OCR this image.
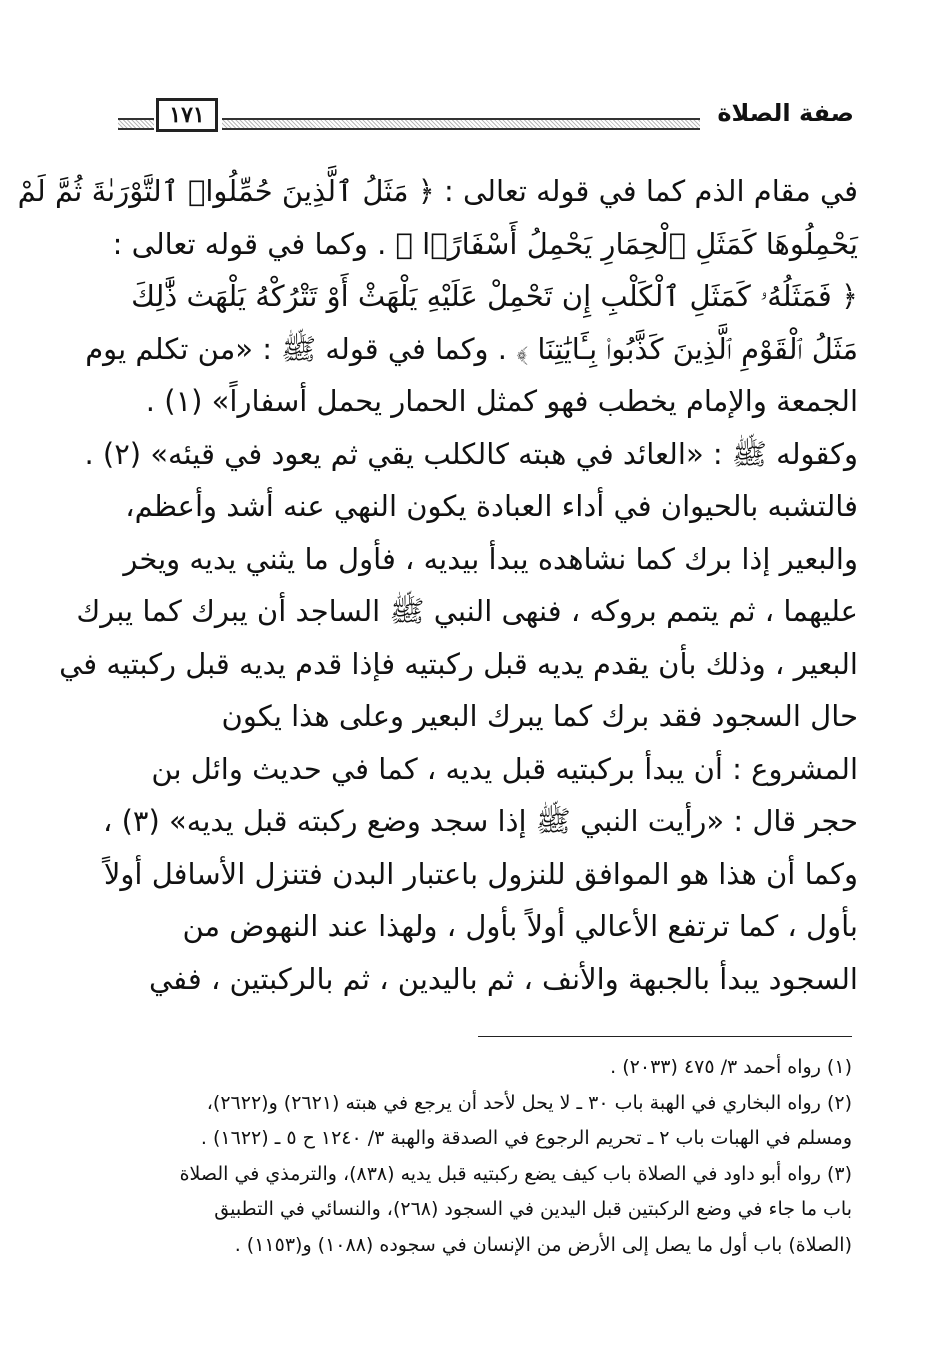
١٧١	صفة الصلاة
في مقام الذم كما في قوله تعالى : ﴿ مَثَلُ ٱلَّذِينَ حُمِّلُوا۟ ٱلتَّوْرَىٰةَ ثُمَّ لَمْ
يَحْمِلُوهَا كَمَثَلِ ٱلْحِمَارِ يَحْمِلُ أَسْفَارًۢا ﴾ . وكما في قوله تعالى :
﴿ فَمَثَلُهُۥ كَمَثَلِ ٱلْكَلْبِ إِن تَحْمِلْ عَلَيْهِ يَلْهَثْ أَوْ تَتْرُكْهُ يَلْهَث ذَّٰلِكَ
مَثَلُ ٱلْقَوْمِ ٱلَّذِينَ كَذَّبُوا۟ بِـَٔايَٰتِنَا ﴾ . وكما في قوله ﷺ : «من تكلم يوم
الجمعة والإمام يخطب فهو كمثل الحمار يحمل أسفاراً» (١) .
وكقوله ﷺ : «العائد في هبته كالكلب يقي ثم يعود في قيئه» (٢) .
فالتشبه بالحيوان في أداء العبادة يكون النهي عنه أشد وأعظم،
والبعير إذا برك كما نشاهده يبدأ بيديه ، فأول ما يثني يديه ويخر
عليهما ، ثم يتمم بروكه ، فنهى النبي ﷺ الساجد أن يبرك كما يبرك
البعير ، وذلك بأن يقدم يديه قبل ركبتيه فإذا قدم يديه قبل ركبتيه في
حال السجود فقد برك كما يبرك البعير وعلى هذا يكون
المشروع : أن يبدأ بركبتيه قبل يديه ، كما في حديث وائل بن
حجر قال : «رأيت النبي ﷺ إذا سجد وضع ركبته قبل يديه» (٣) ،
وكما أن هذا هو الموافق للنزول باعتبار البدن فتنزل الأسافل أولاً
بأول ، كما ترتفع الأعالي أولاً بأول ، ولهذا عند النهوض من
السجود يبدأ بالجبهة والأنف ، ثم باليدين ، ثم بالركبتين ، ففي
(١) رواه أحمد ٣/ ٤٧٥ (٢٠٣٣) .
(٢) رواه البخاري في الهبة باب ٣٠ ـ لا يحل لأحد أن يرجع في هبته (٢٦٢١) و(٢٦٢٢)،
ومسلم في الهبات باب ٢ ـ تحريم الرجوع في الصدقة والهبة ٣/ ١٢٤٠ ح ٥ ـ (١٦٢٢) .
(٣) رواه أبو داود في الصلاة باب كيف يضع ركبتيه قبل يديه (٨٣٨)، والترمذي في الصلاة
باب ما جاء في وضع الركبتين قبل اليدين في السجود (٢٦٨)، والنسائي في التطبيق
(الصلاة) باب أول ما يصل إلى الأرض من الإنسان في سجوده (١٠٨٨) و(١١٥٣) .
